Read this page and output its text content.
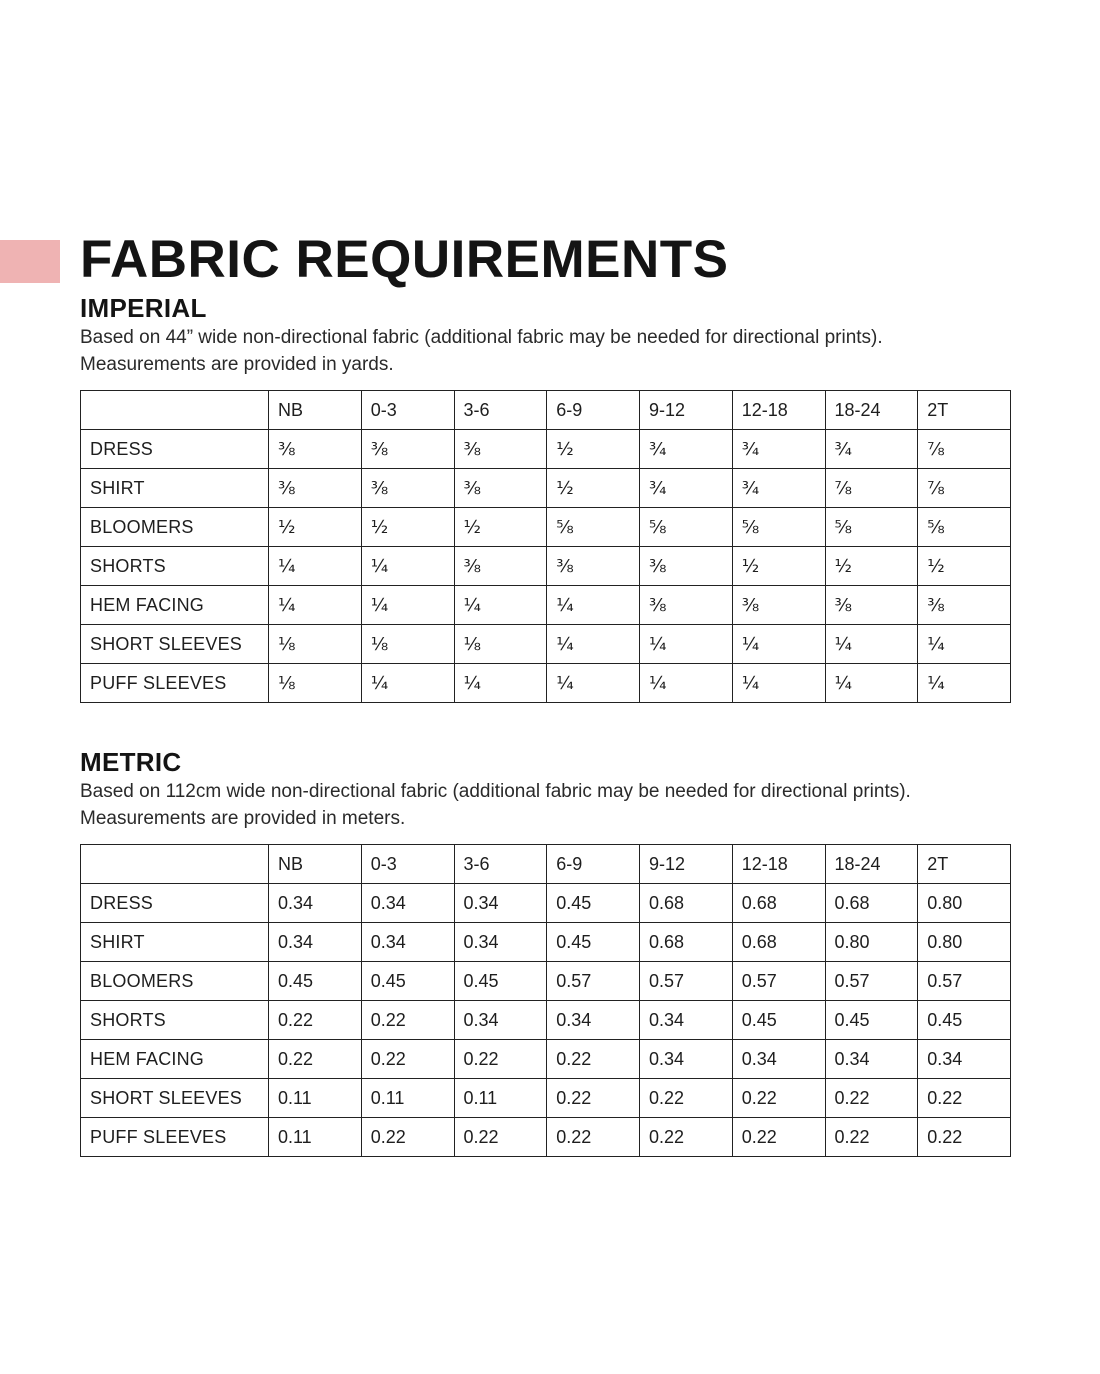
FABRIC REQUIREMENTS
IMPERIAL

Based on 44” wide non-directional fabric (additional fabric may be needed for directional prints).

Measurements are provided in yards.

	NB	0-3	3-6	6-9	9-12	12-18	18-24	2T
DRESS	⅜	⅜	⅜	½	¾	¾	¾	⅞
SHIRT	⅜	⅜	⅜	½	¾	¾	⅞	⅞
BLOOMERS	½	½	½	⅝	⅝	⅝	⅝	⅝
SHORTS	¼	¼	⅜	⅜	⅜	½	½	½
HEM FACING	¼	¼	¼	¼	⅜	⅜	⅜	⅜
SHORT SLEEVES	⅛	⅛	⅛	¼	¼	¼	¼	¼
PUFF SLEEVES	⅛	¼	¼	¼	¼	¼	¼	¼
METRIC

Based on 112cm wide non-directional fabric (additional fabric may be needed for directional prints).

Measurements are provided in meters.

	NB	0-3	3-6	6-9	9-12	12-18	18-24	2T
DRESS	0.34	0.34	0.34	0.45	0.68	0.68	0.68	0.80
SHIRT	0.34	0.34	0.34	0.45	0.68	0.68	0.80	0.80
BLOOMERS	0.45	0.45	0.45	0.57	0.57	0.57	0.57	0.57
SHORTS	0.22	0.22	0.34	0.34	0.34	0.45	0.45	0.45
HEM FACING	0.22	0.22	0.22	0.22	0.34	0.34	0.34	0.34
SHORT SLEEVES	0.11	0.11	0.11	0.22	0.22	0.22	0.22	0.22
PUFF SLEEVES	0.11	0.22	0.22	0.22	0.22	0.22	0.22	0.22
